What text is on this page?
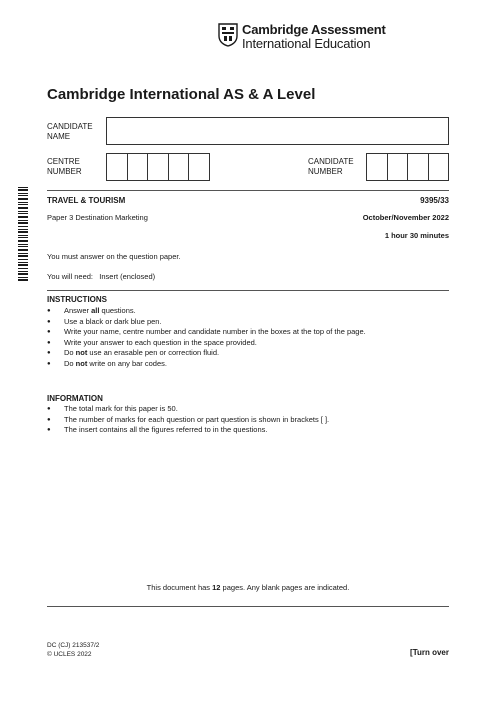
Cambridge Assessment
International Education
Cambridge International AS & A Level
CANDIDATE
NAME
CENTRE
NUMBER
CANDIDATE
NUMBER
TRAVEL & TOURISM	9395/33
Paper 3 Destination Marketing	October/November 2022
1 hour 30 minutes
You must answer on the question paper.
You will need: Insert (enclosed)
INSTRUCTIONS
● Answer all questions.
● Use a black or dark blue pen.
● Write your name, centre number and candidate number in the boxes at the top of the page.
● Write your answer to each question in the space provided.
● Do not use an erasable pen or correction fluid.
● Do not write on any bar codes.
INFORMATION
● The total mark for this paper is 50.
● The number of marks for each question or part question is shown in brackets [ ].
● The insert contains all the figures referred to in the questions.
This document has 12 pages. Any blank pages are indicated.
DC (CJ) 213537/2
© UCLES 2022	[Turn over
